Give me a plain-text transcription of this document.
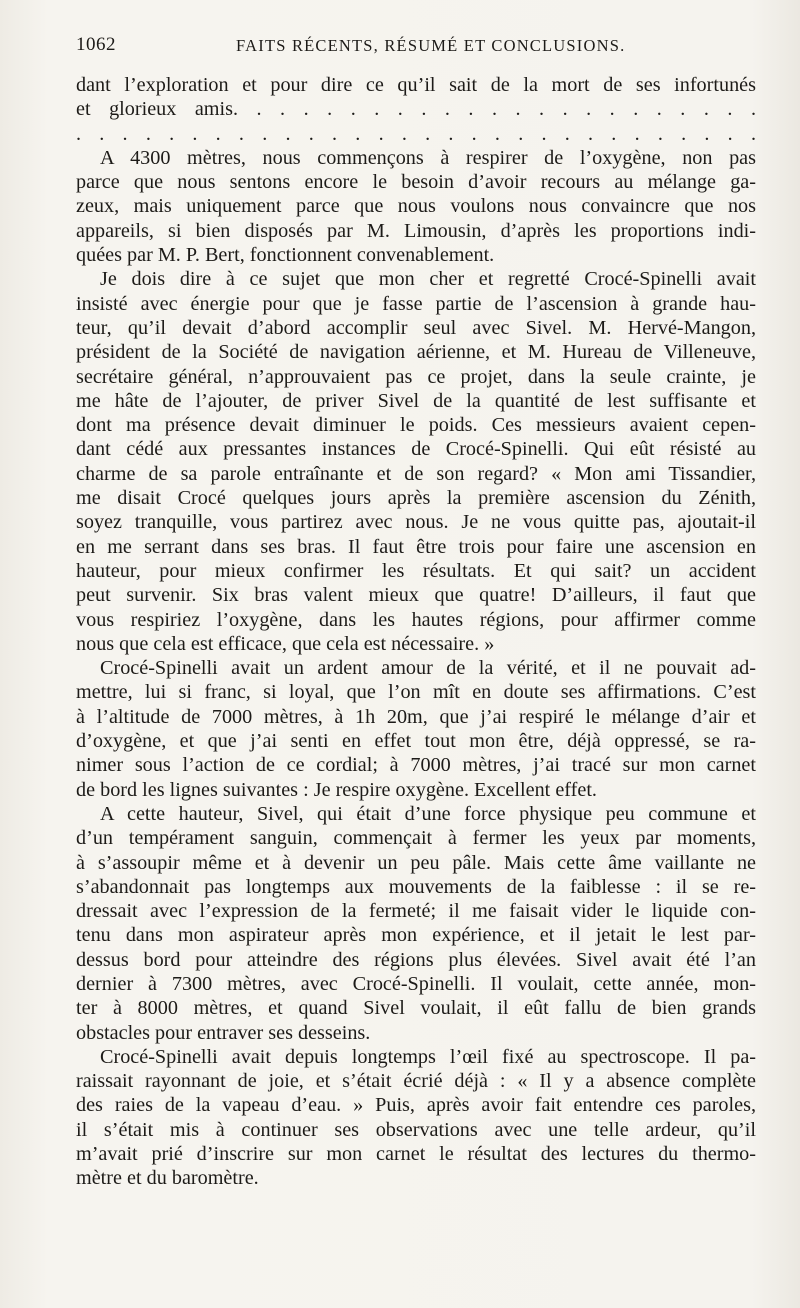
1062	FAITS RÉCENTS, RÉSUMÉ ET CONCLUSIONS.
dant l’exploration et pour dire ce qu’il sait de la mort de ses infortunés
et glorieux amis. . . . . . . . . . . . . . . . . . . . . . .
. . . . . . . . . . . . . . . . . . . . . . . . . . . . . .
A 4300 mètres, nous commençons à respirer de l’oxygène, non pas
parce que nous sentons encore le besoin d’avoir recours au mélange ga-
zeux, mais uniquement parce que nous voulons nous convaincre que nos
appareils, si bien disposés par M. Limousin, d’après les proportions indi-
quées par M. P. Bert, fonctionnent convenablement.
Je dois dire à ce sujet que mon cher et regretté Crocé-Spinelli avait
insisté avec énergie pour que je fasse partie de l’ascension à grande hau-
teur, qu’il devait d’abord accomplir seul avec Sivel. M. Hervé-Mangon,
président de la Société de navigation aérienne, et M. Hureau de Villeneuve,
secrétaire général, n’approuvaient pas ce projet, dans la seule crainte, je
me hâte de l’ajouter, de priver Sivel de la quantité de lest suffisante et
dont ma présence devait diminuer le poids. Ces messieurs avaient cepen-
dant cédé aux pressantes instances de Crocé-Spinelli. Qui eût résisté au
charme de sa parole entraînante et de son regard? « Mon ami Tissandier,
me disait Crocé quelques jours après la première ascension du Zénith,
soyez tranquille, vous partirez avec nous. Je ne vous quitte pas, ajoutait-il
en me serrant dans ses bras. Il faut être trois pour faire une ascension en
hauteur, pour mieux confirmer les résultats. Et qui sait? un accident
peut survenir. Six bras valent mieux que quatre! D’ailleurs, il faut que
vous respiriez l’oxygène, dans les hautes régions, pour affirmer comme
nous que cela est efficace, que cela est nécessaire. »
Crocé-Spinelli avait un ardent amour de la vérité, et il ne pouvait ad-
mettre, lui si franc, si loyal, que l’on mît en doute ses affirmations. C’est
à l’altitude de 7000 mètres, à 1h 20m, que j’ai respiré le mélange d’air et
d’oxygène, et que j’ai senti en effet tout mon être, déjà oppressé, se ra-
nimer sous l’action de ce cordial; à 7000 mètres, j’ai tracé sur mon carnet
de bord les lignes suivantes : Je respire oxygène. Excellent effet.
A cette hauteur, Sivel, qui était d’une force physique peu commune et
d’un tempérament sanguin, commençait à fermer les yeux par moments,
à s’assoupir même et à devenir un peu pâle. Mais cette âme vaillante ne
s’abandonnait pas longtemps aux mouvements de la faiblesse : il se re-
dressait avec l’expression de la fermeté; il me faisait vider le liquide con-
tenu dans mon aspirateur après mon expérience, et il jetait le lest par-
dessus bord pour atteindre des régions plus élevées. Sivel avait été l’an
dernier à 7300 mètres, avec Crocé-Spinelli. Il voulait, cette année, mon-
ter à 8000 mètres, et quand Sivel voulait, il eût fallu de bien grands
obstacles pour entraver ses desseins.
Crocé-Spinelli avait depuis longtemps l’œil fixé au spectroscope. Il pa-
raissait rayonnant de joie, et s’était écrié déjà : « Il y a absence complète
des raies de la vapeau d’eau. » Puis, après avoir fait entendre ces paroles,
il s’était mis à continuer ses observations avec une telle ardeur, qu’il
m’avait prié d’inscrire sur mon carnet le résultat des lectures du thermo-
mètre et du baromètre.
